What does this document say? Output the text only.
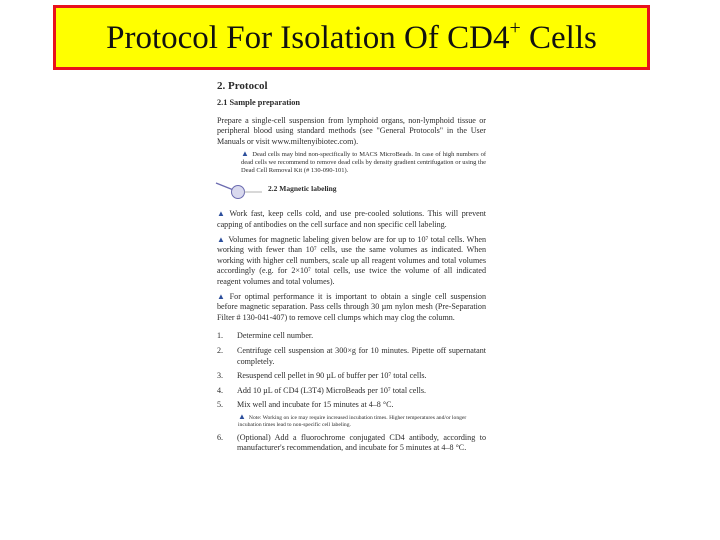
Protocol For Isolation Of CD4+ Cells
2. Protocol
2.1 Sample preparation
Prepare a single-cell suspension from lymphoid organs, non-lymphoid tissue or peripheral blood using standard methods (see "General Protocols" in the User Manuals or visit www.miltenyibiotec.com).
▲ Dead cells may bind non-specifically to MACS MicroBeads. In case of high numbers of dead cells we recommend to remove dead cells by density gradient centrifugation or using the Dead Cell Removal Kit (# 130-090-101).
2.2 Magnetic labeling
▲ Work fast, keep cells cold, and use pre-cooled solutions. This will prevent capping of antibodies on the cell surface and non specific cell labeling.
▲ Volumes for magnetic labeling given below are for up to 10⁷ total cells. When working with fewer than 10⁷ cells, use the same volumes as indicated. When working with higher cell numbers, scale up all reagent volumes and total volumes accordingly (e.g. for 2×10⁷ total cells, use twice the volume of all indicated reagent volumes and total volumes).
▲ For optimal performance it is important to obtain a single cell suspension before magnetic separation. Pass cells through 30 µm nylon mesh (Pre-Separation Filter # 130-041-407) to remove cell clumps which may clog the column.
1.	Determine cell number.
2.	Centrifuge cell suspension at 300×g for 10 minutes. Pipette off supernatant completely.
3.	Resuspend cell pellet in 90 µL of buffer per 10⁷ total cells.
4.	Add 10 µL of CD4 (L3T4) MicroBeads per 10⁷ total cells.
5.	Mix well and incubate for 15 minutes at 4–8 °C.
▲ Note: Working on ice may require increased incubation times. Higher temperatures and/or longer incubation times lead to non-specific cell labeling.
6.	(Optional) Add a fluorochrome conjugated CD4 antibody, according to manufacturer's recommendation, and incubate for 5 minutes at 4–8 °C.
